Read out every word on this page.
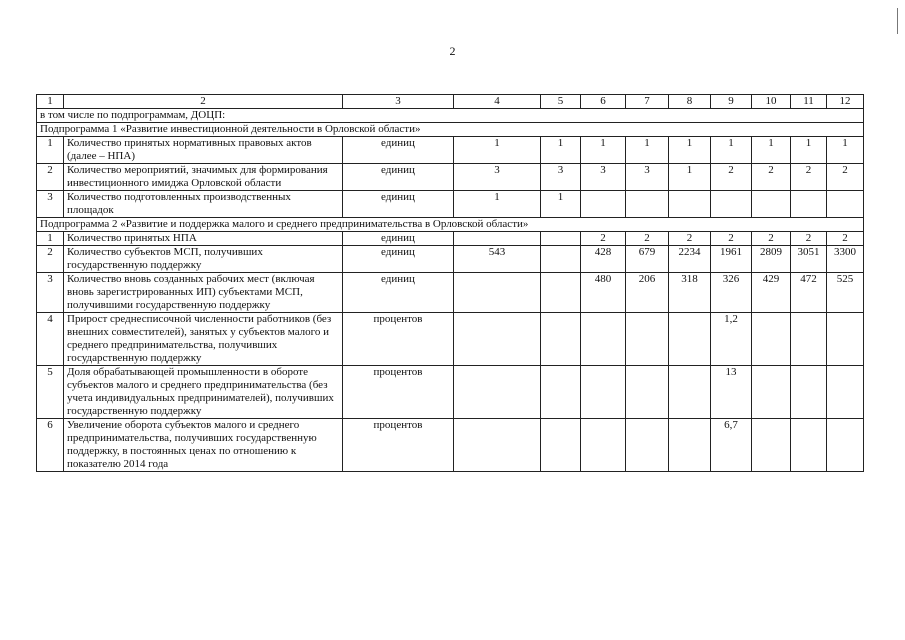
2
1	2	3	4	5	6	7	8	9	10	11	12
в том числе по подпрограммам, ДОЦП:											
Подпрограмма 1 «Развитие инвестиционной деятельности в Орловской области»											
1	Количество принятых нормативных правовых актов (далее – НПА)	единиц	1	1	1	1	1	1	1	1	1
2	Количество мероприятий, значимых для формирования инвестиционного имиджа Орловской области	единиц	3	3	3	3	1	2	2	2	2
3	Количество подготовленных производственных площадок	единиц	1	1							
Подпрограмма 2 «Развитие и поддержка малого и среднего предпринимательства в Орловской области»											
1	Количество принятых НПА	единиц			2	2	2	2	2	2	2
2	Количество субъектов МСП, получивших государственную поддержку	единиц	543		428	679	2234	1961	2809	3051	3300
3	Количество вновь созданных рабочих мест (включая вновь зарегистрированных ИП) субъектами МСП, получившими государственную поддержку	единиц			480	206	318	326	429	472	525
4	Прирост среднесписочной численности работников (без внешних совместителей), занятых у субъектов малого и среднего предпринимательства, получивших государственную поддержку	процентов						1,2			
5	Доля обрабатывающей промышленности в обороте субъектов малого и среднего предпринимательства (без учета индивидуальных предпринимателей), получивших государственную поддержку	процентов						13			
6	Увеличение оборота субъектов малого и среднего предпринимательства, получивших государственную поддержку, в постоянных ценах по отношению к показателю 2014 года	процентов						6,7			
